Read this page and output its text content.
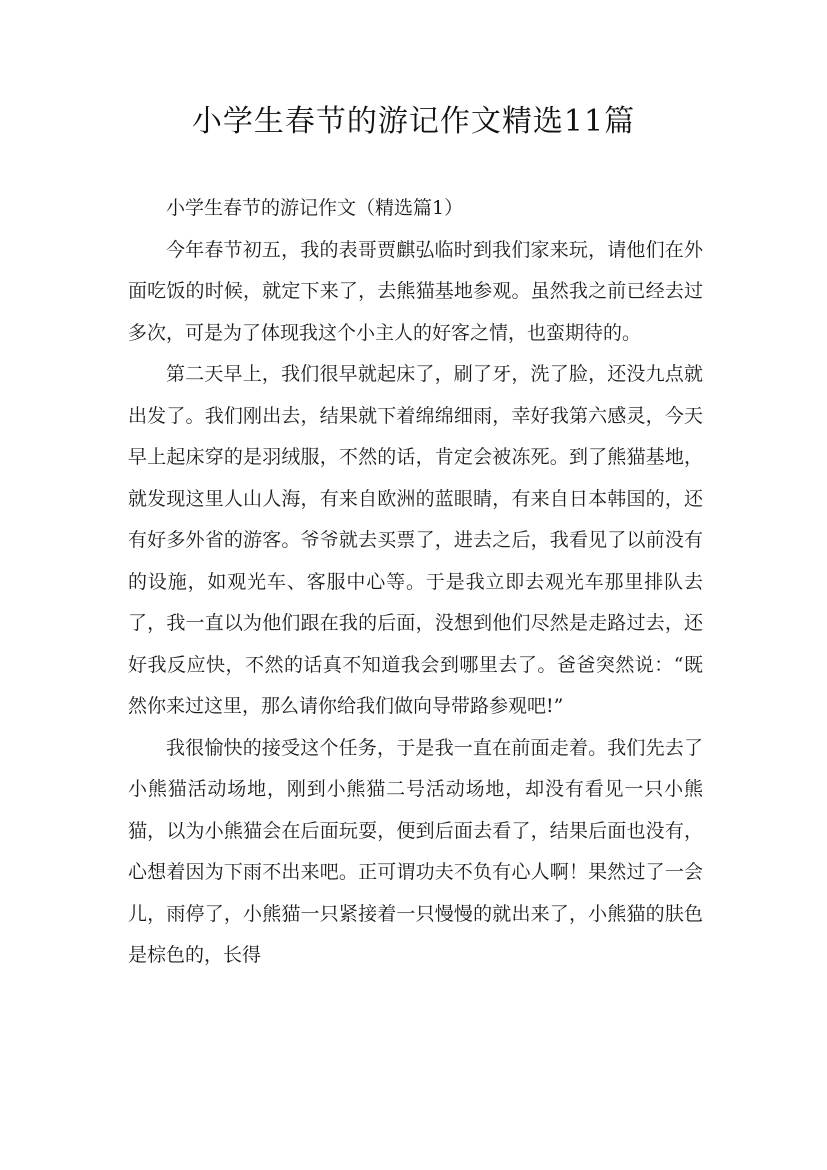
小学生春节的游记作文精选11篇

小学生春节的游记作文（精选篇1）

今年春节初五，我的表哥贾麒弘临时到我们家来玩，请他们在外面吃饭的时候，就定下来了，去熊猫基地参观。虽然我之前已经去过多次，可是为了体现我这个小主人的好客之情，也蛮期待的。

第二天早上，我们很早就起床了，刷了牙，洗了脸，还没九点就出发了。我们刚出去，结果就下着绵绵细雨，幸好我第六感灵，今天早上起床穿的是羽绒服，不然的话，肯定会被冻死。到了熊猫基地，就发现这里人山人海，有来自欧洲的蓝眼睛，有来自日本韩国的，还有好多外省的游客。爷爷就去买票了，进去之后，我看见了以前没有的设施，如观光车、客服中心等。于是我立即去观光车那里排队去了，我一直以为他们跟在我的后面，没想到他们尽然是走路过去，还好我反应快，不然的话真不知道我会到哪里去了。爸爸突然说：“既然你来过这里，那么请你给我们做向导带路参观吧!”

我很愉快的接受这个任务，于是我一直在前面走着。我们先去了小熊猫活动场地，刚到小熊猫二号活动场地，却没有看见一只小熊猫，以为小熊猫会在后面玩耍，便到后面去看了，结果后面也没有，心想着因为下雨不出来吧。正可谓功夫不负有心人啊！果然过了一会儿，雨停了，小熊猫一只紧接着一只慢慢的就出来了，小熊猫的肤色是棕色的，长得
